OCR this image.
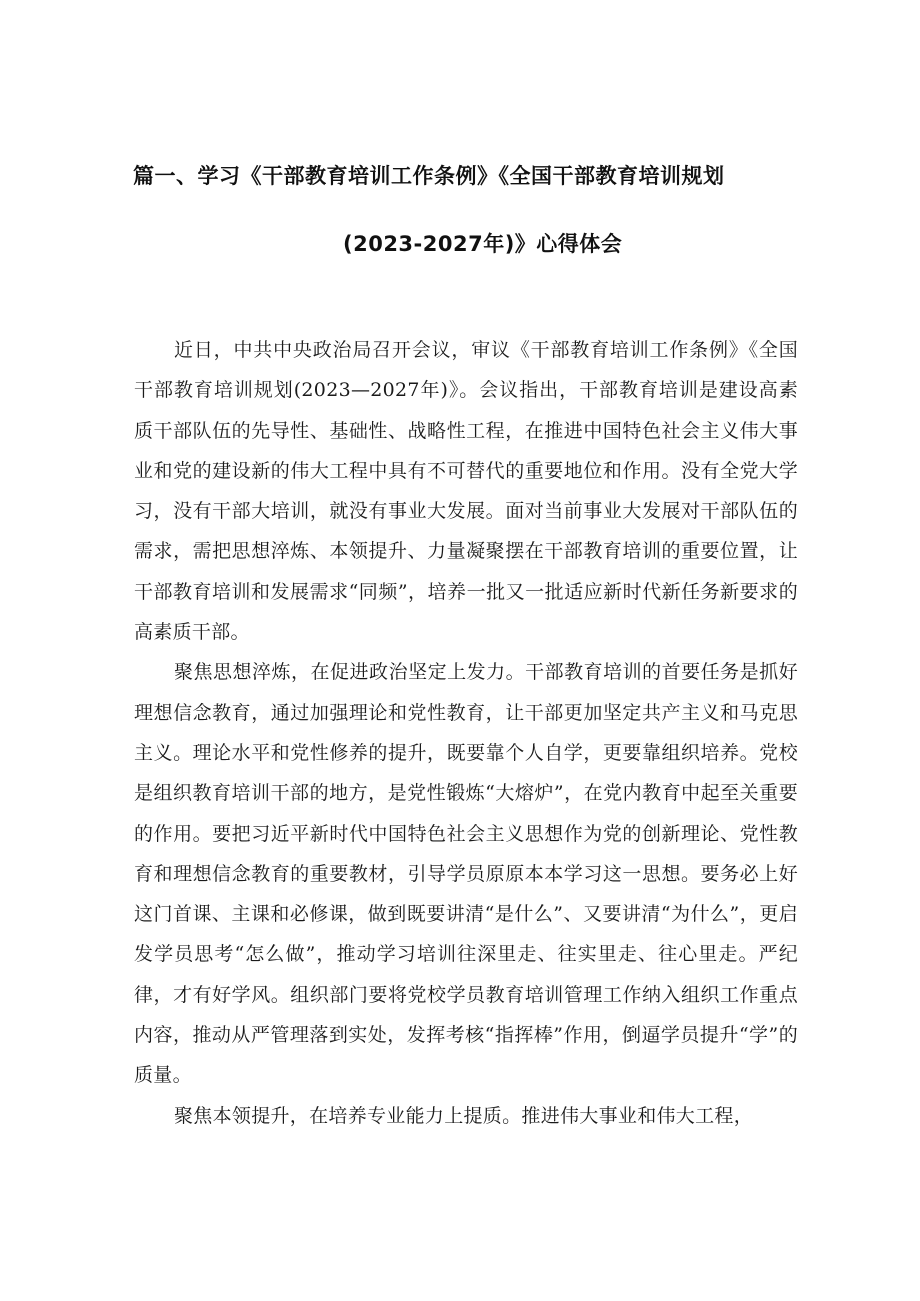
篇一、学习《干部教育培训工作条例》《全国干部教育培训规划
(2023-2027年)》心得体会

近日，中共中央政治局召开会议，审议《干部教育培训工作条例》《全国干部教育培训规划(2023—2027年)》。会议指出，干部教育培训是建设高素质干部队伍的先导性、基础性、战略性工程，在推进中国特色社会主义伟大事业和党的建设新的伟大工程中具有不可替代的重要地位和作用。没有全党大学习，没有干部大培训，就没有事业大发展。面对当前事业大发展对干部队伍的需求，需把思想淬炼、本领提升、力量凝聚摆在干部教育培训的重要位置，让干部教育培训和发展需求“同频”，培养一批又一批适应新时代新任务新要求的高素质干部。

聚焦思想淬炼，在促进政治坚定上发力。干部教育培训的首要任务是抓好理想信念教育，通过加强理论和党性教育，让干部更加坚定共产主义和马克思主义。理论水平和党性修养的提升，既要靠个人自学，更要靠组织培养。党校是组织教育培训干部的地方，是党性锻炼“大熔炉”，在党内教育中起至关重要的作用。要把习近平新时代中国特色社会主义思想作为党的创新理论、党性教育和理想信念教育的重要教材，引导学员原原本本学习这一思想。要务必上好这门首课、主课和必修课，做到既要讲清“是什么”、又要讲清“为什么”，更启发学员思考“怎么做”，推动学习培训往深里走、往实里走、往心里走。严纪律，才有好学风。组织部门要将党校学员教育培训管理工作纳入组织工作重点内容，推动从严管理落到实处，发挥考核“指挥棒”作用，倒逼学员提升“学”的质量。

聚焦本领提升，在培养专业能力上提质。推进伟大事业和伟大工程，
